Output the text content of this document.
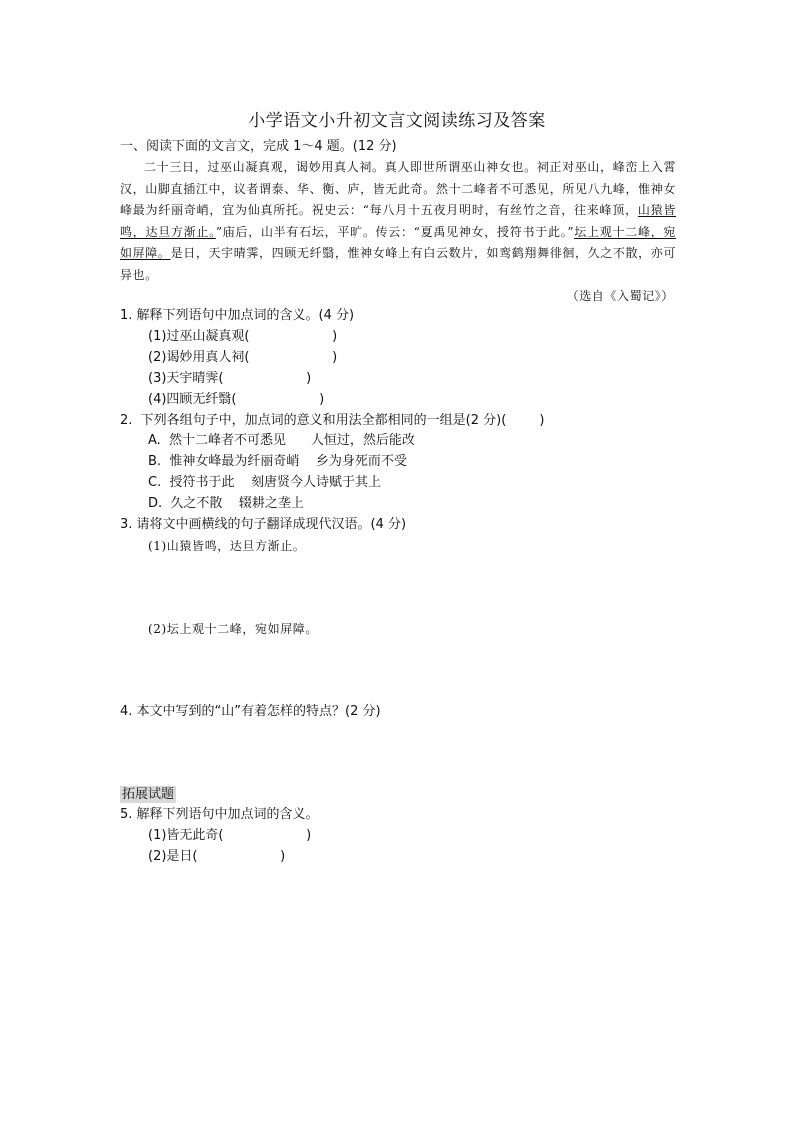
小学语文小升初文言文阅读练习及答案
一、阅读下面的文言文，完成 1～4 题。(12 分)

二十三日，过巫山凝真观，谒妙用真人祠。真人即世所谓巫山神女也。祠正对巫山，峰峦上入霄汉，山脚直插江中，议者谓泰、华、衡、庐，皆无此奇。然十二峰者不可悉见，所见八九峰，惟神女峰最为纤丽奇峭，宜为仙真所托。祝史云：“每八月十五夜月明时，有丝竹之音，往来峰顶，山猿皆鸣，达旦方渐止。”庙后，山半有石坛，平旷。传云：“夏禹见神女，授符书于此。”坛上观十二峰，宛如屏障。是日，天宇晴霁，四顾无纤翳，惟神女峰上有白云数片，如鸾鹤翔舞徘徊，久之不散，亦可异也。

（选自《入蜀记》）
1. 解释下列语句中加点词的含义。(4 分)
(1)过巫山凝真观(                    )
(2)谒妙用真人祠(                    )
(3)天宇晴霁(                    )
(4)四顾无纤翳(                    )
2.  下列各组句子中，加点词的意义和用法全都相同的一组是(2 分)(        )
A.  然十二峰者不可悉见      人恒过，然后能改
B.  惟神女峰最为纤丽奇峭    乡为身死而不受
C.  授符书于此    刻唐贤今人诗赋于其上
D.  久之不散    辍耕之垄上
3. 请将文中画横线的句子翻译成现代汉语。(4 分)
(1)山猿皆鸣，达旦方渐止。
(2)坛上观十二峰，宛如屏障。
4. 本文中写到的“山”有着怎样的特点？(2 分)
拓展试题
5. 解释下列语句中加点词的含义。
(1)皆无此奇(                    )
(2)是日(                    )
